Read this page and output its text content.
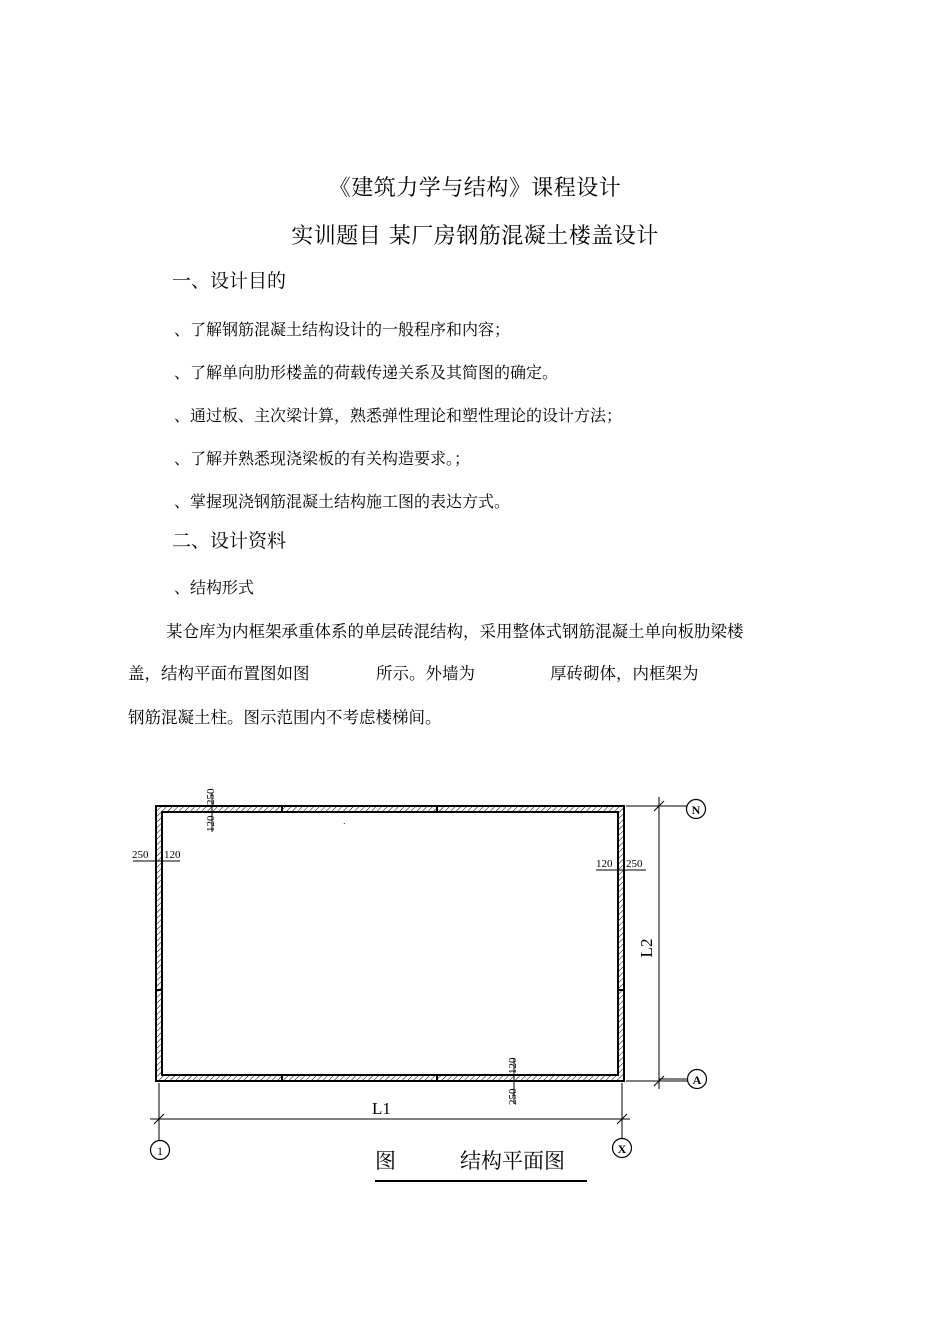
《建筑力学与结构》课程设计
实训题目 某厂房钢筋混凝土楼盖设计
一、设计目的
、了解钢筋混凝土结构设计的一般程序和内容；
、了解单向肋形楼盖的荷载传递关系及其简图的确定。
、通过板、主次梁计算，熟悉弹性理论和塑性理论的设计方法；
、了解并熟悉现浇梁板的有关构造要求。；
、掌握现浇钢筋混凝土结构施工图的表达方式。
二、设计资料
、结构形式
某仓库为内框架承重体系的单层砖混结构，采用整体式钢筋混凝土单向板肋梁楼
盖，结构平面布置图如图	所示。外墙为	厚砖砌体，内框架为
钢筋混凝土柱。图示范围内不考虑楼梯间。
.
250
120
250 120
120 250
120
250
L1
L2
N
A
1	X
图	结构平面图
